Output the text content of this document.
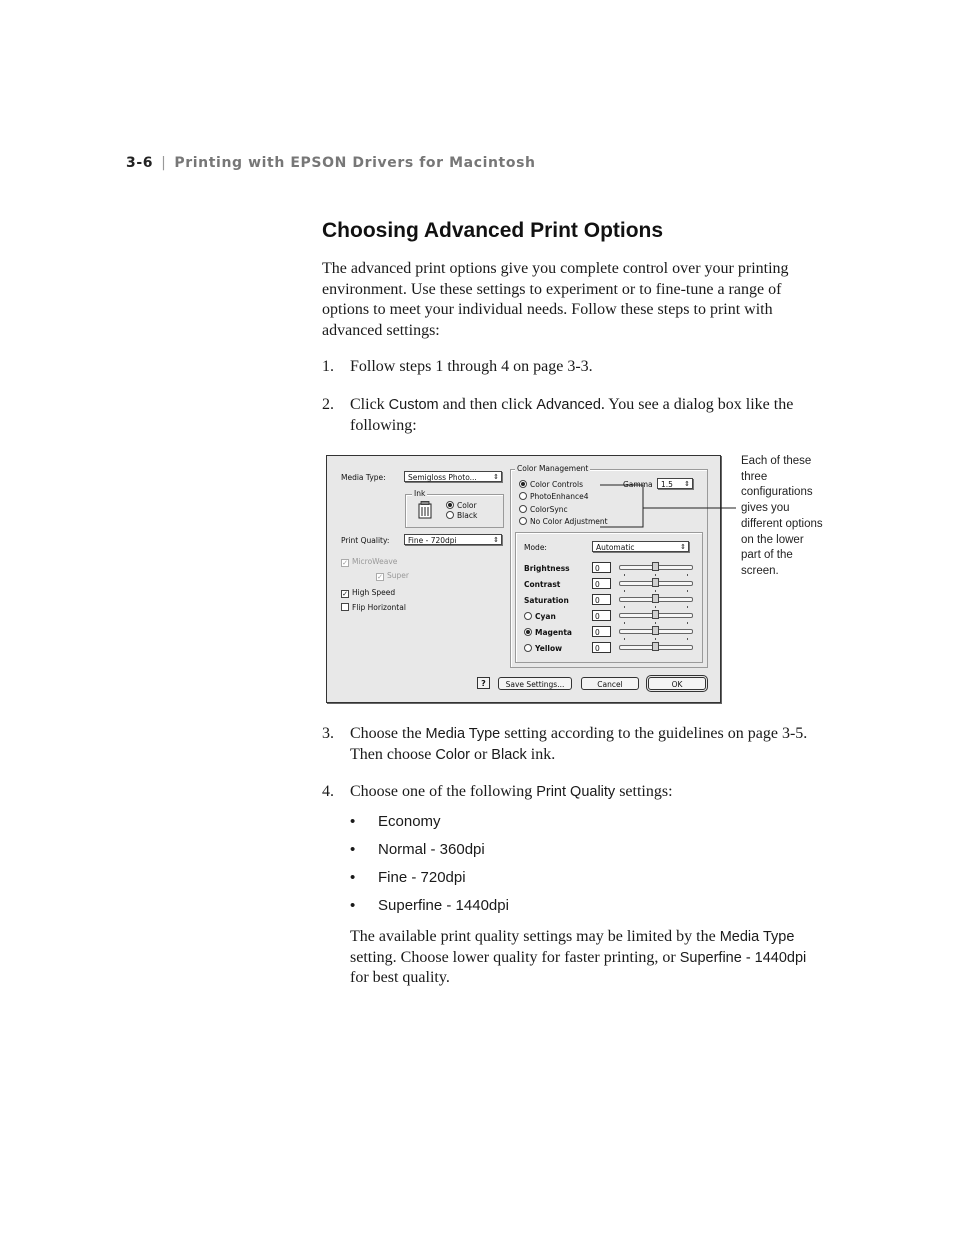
3-6 | Printing with EPSON Drivers for Macintosh
Choosing Advanced Print Options
The advanced print options give you complete control over your printing environment. Use these settings to experiment or to fine-tune a range of options to meet your individual needs. Follow these steps to print with advanced settings:
1. Follow steps 1 through 4 on page 3-3.
2. Click Custom and then click Advanced. You see a dialog box like the following:
Media Type:	Semigloss Photo... ⇕
Ink
Color
Black
Print Quality:	Fine - 720dpi	⇕
✓ MicroWeave
✓ Super
✓ High Speed
Flip Horizontal
Color Management
Color Controls
PhotoEnhance4
ColorSync
No Color Adjustment
Gamma	1.5 ⇕
Mode:	Automatic	⇕
Brightness	0
Contrast	0
Saturation	0
Cyan	0
Magenta	0
Yellow	0
?	Save Settings...	Cancel	OK
Each of these three configurations gives you different options on the lower part of the screen.
3. Choose the Media Type setting according to the guidelines on page 3-5. Then choose Color or Black ink.
4. Choose one of the following Print Quality settings:
• Economy
• Normal - 360dpi
• Fine - 720dpi
• Superfine - 1440dpi
The available print quality settings may be limited by the Media Type setting. Choose lower quality for faster printing, or Superfine - 1440dpi for best quality.
